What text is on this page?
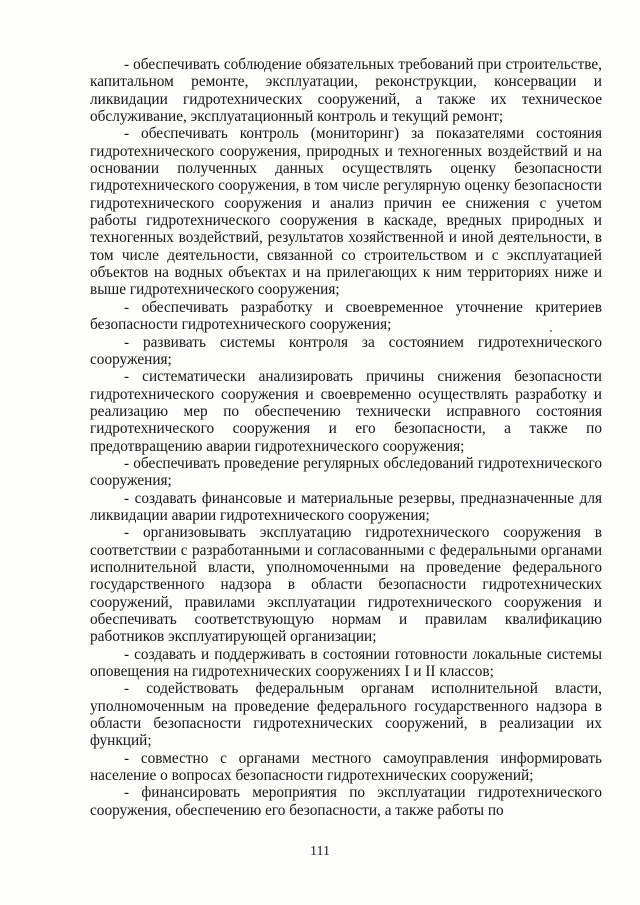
- обеспечивать соблюдение обязательных требований при строительстве, капитальном ремонте, эксплуатации, реконструкции, консервации и ликвидации гидротехнических сооружений, а также их техническое обслуживание, эксплуатационный контроль и текущий ремонт;

- обеспечивать контроль (мониторинг) за показателями состояния гидротехнического сооружения, природных и техногенных воздействий и на основании полученных данных осуществлять оценку безопасности гидротехнического сооружения, в том числе регулярную оценку безопасности гидротехнического сооружения и анализ причин ее снижения с учетом работы гидротехнического сооружения в каскаде, вредных природных и техногенных воздействий, результатов хозяйственной и иной деятельности, в том числе деятельности, связанной со строительством и с эксплуатацией объектов на водных объектах и на прилегающих к ним территориях ниже и выше гидротехнического сооружения;

- обеспечивать разработку и своевременное уточнение критериев безопасности гидротехнического сооружения;

- развивать системы контроля за состоянием гидротехнического сооружения;

- систематически анализировать причины снижения безопасности гидротехнического сооружения и своевременно осуществлять разработку и реализацию мер по обеспечению технически исправного состояния гидротехнического сооружения и его безопасности, а также по предотвращению аварии гидротехнического сооружения;

- обеспечивать проведение регулярных обследований гидротехнического сооружения;

- создавать финансовые и материальные резервы, предназначенные для ликвидации аварии гидротехнического сооружения;

- организовывать эксплуатацию гидротехнического сооружения в соответствии с разработанными и согласованными с федеральными органами исполнительной власти, уполномоченными на проведение федерального государственного надзора в области безопасности гидротехнических сооружений, правилами эксплуатации гидротехнического сооружения и обеспечивать соответствующую нормам и правилам квалификацию работников эксплуатирующей организации;

- создавать и поддерживать в состоянии готовности локальные системы оповещения на гидротехнических сооружениях I и II классов;

- содействовать федеральным органам исполнительной власти, уполномоченным на проведение федерального государственного надзора в области безопасности гидротехнических сооружений, в реализации их функций;

- совместно с органами местного самоуправления информировать население о вопросах безопасности гидротехнических сооружений;

- финансировать мероприятия по эксплуатации гидротехнического сооружения, обеспечению его безопасности, а также работы по

111
